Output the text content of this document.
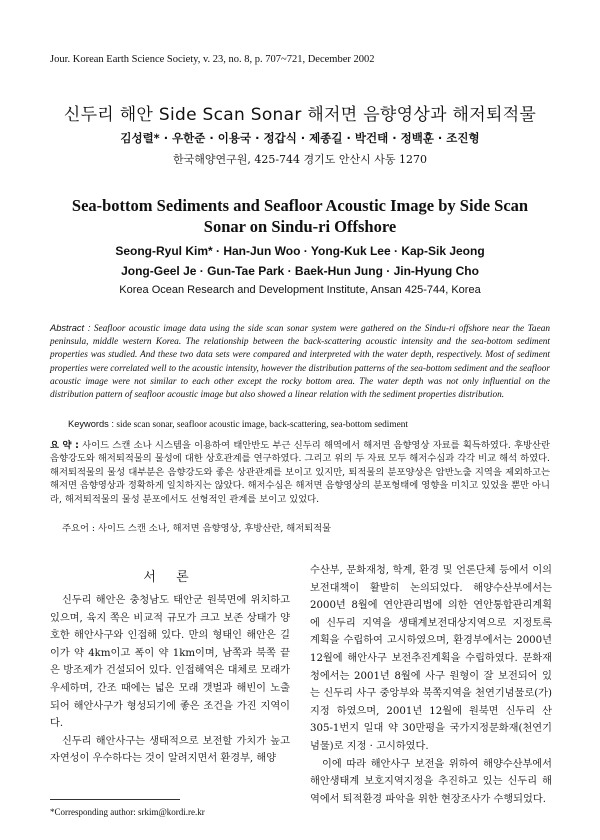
Jour. Korean Earth Science Society, v. 23, no. 8, p. 707~721, December 2002
신두리 해안 Side Scan Sonar 해저면 음향영상과 해저퇴적물
김성렬* · 우한준 · 이용국 · 정갑식 · 제종길 · 박건태 · 정백훈 · 조진형
한국해양연구원, 425-744 경기도 안산시 사동 1270
Sea-bottom Sediments and Seafloor Acoustic Image by Side Scan Sonar on Sindu-ri Offshore
Seong-Ryul Kim* · Han-Jun Woo · Yong-Kuk Lee · Kap-Sik Jeong
Jong-Geel Je · Gun-Tae Park · Baek-Hun Jung · Jin-Hyung Cho
Korea Ocean Research and Development Institute, Ansan 425-744, Korea
Abstract : Seafloor acoustic image data using the side scan sonar system were gathered on the Sindu-ri offshore near the Taean peninsula, middle western Korea. The relationship between the back-scattering acoustic intensity and the sea-bottom sediment properties was studied. And these two data sets were compared and interpreted with the water depth, respectively. Most of sediment properties were correlated well to the acoustic intensity, however the distribution patterns of the sea-bottom sediment and the seafloor acoustic image were not similar to each other except the rocky bottom area. The water depth was not only influential on the distribution pattern of seafloor acoustic image but also showed a linear relation with the sediment properties distribution.
Keywords : side scan sonar, seafloor acoustic image, back-scattering, sea-bottom sediment
요 약 : 사이드 스캔 소나 시스템을 이용하여 태안반도 부근 신두리 해역에서 해저면 음향영상 자료를 획득하였다. 후방산란 음향강도와 해저퇴적물의 물성에 대한 상호관계를 연구하였다. 그리고 위의 두 자료 모두 해저수심과 각각 비교 해석 하였다. 해저퇴적물의 물성 대부분은 음향강도와 좋은 상관관계를 보이고 있지만, 퇴적물의 분포양상은 암반노출 지역을 제외하고는 해저면 음향영상과 정확하게 일치하지는 않았다. 해저수심은 해저면 음향영상의 분포형태에 영향을 미치고 있었을 뿐만 아니라, 해저퇴적물의 물성 분포에서도 선형적인 관계를 보이고 있었다.
주요어 : 사이드 스캔 소나, 해저면 음향영상, 후방산란, 해저퇴적물
서 론

신두리 해안은 충청남도 태안군 원북면에 위치하고 있으며, 육지 쪽은 비교적 규모가 크고 보존 상태가 양호한 해안사구와 인접해 있다. 만의 형태인 해안은 길이가 약 4km이고 폭이 약 1km이며, 남쪽과 북쪽 끝은 방조제가 건설되어 있다. 인접해역은 대체로 모래가 우세하며, 간조 때에는 넓은 모래 갯벌과 해빈이 노출되어 해안사구가 형성되기에 좋은 조건을 가진 지역이다.

신두리 해안사구는 생태적으로 보전할 가치가 높고 자연성이 우수하다는 것이 알려지면서 환경부, 해양

수산부, 문화재청, 학계, 환경 및 언론단체 등에서 이의 보전대책이 활발히 논의되었다. 해양수산부에서는 2000년 8월에 연안관리법에 의한 연안통합관리계획에 신두리 지역을 생태계보전대상지역으로 지정토록 계획을 수립하여 고시하였으며, 환경부에서는 2000년 12월에 해안사구 보전추진계획을 수립하였다. 문화재청에서는 2001년 8월에 사구 원형이 잘 보전되어 있는 신두리 사구 중앙부와 북쪽지역을 천연기념물로(가)지정 하였으며, 2001년 12월에 원북면 신두리 산 305-1번지 일대 약 30만평을 국가지정문화재(천연기념물)로 지정 · 고시하였다.

이에 따라 해안사구 보전을 위하여 해양수산부에서 해안생태계 보호지역지정을 추진하고 있는 신두리 해역에서 퇴적환경 파악을 위한 현장조사가 수행되었다.

*Corresponding author: srkim@kordi.re.kr
